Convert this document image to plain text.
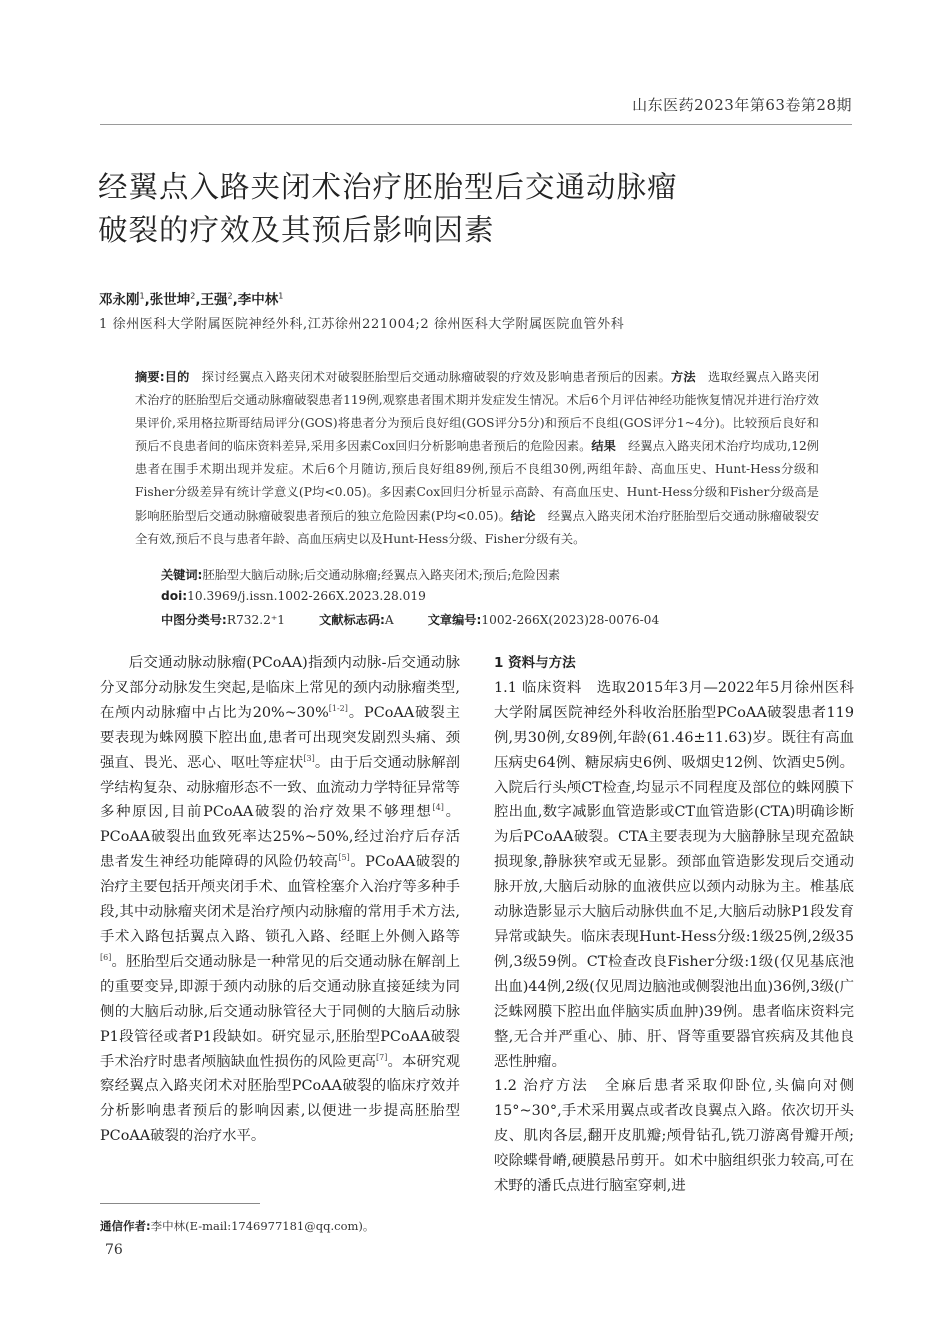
山东医药2023年第63卷第28期
经翼点入路夹闭术治疗胚胎型后交通动脉瘤
破裂的疗效及其预后影响因素
邓永刚$^1$,张世坤$^2$,王强$^2$,李中林$^1$
1 徐州医科大学附属医院神经外科,江苏徐州221004;2 徐州医科大学附属医院血管外科

摘要:目的  探讨经翼点入路夹闭术对破裂胚胎型后交通动脉瘤破裂的疗效及影响患者预后的因素。方法  选取经翼点入路夹闭术治疗的胚胎型后交通动脉瘤破裂患者119例,观察患者围术期并发症发生情况。术后6个月评估神经功能恢复情况并进行治疗效果评价,采用格拉斯哥结局评分(GOS)将患者分为预后良好组(GOS评分5分)和预后不良组(GOS评分1~4分)。比较预后良好和预后不良患者间的临床资料差异,采用多因素Cox回归分析影响患者预后的危险因素。结果  经翼点入路夹闭术治疗均成功,12例患者在围手术期出现并发症。术后6个月随访,预后良好组89例,预后不良组30例,两组年龄、高血压史、Hunt-Hess分级和Fisher分级差异有统计学意义(P均<0.05)。多因素Cox回归分析显示高龄、有高血压史、Hunt-Hess分级和Fisher分级高是影响胚胎型后交通动脉瘤破裂患者预后的独立危险因素(P均<0.05)。结论  经翼点入路夹闭术治疗胚胎型后交通动脉瘤破裂安全有效,预后不良与患者年龄、高血压病史以及Hunt-Hess分级、Fisher分级有关。

关键词:胚胎型大脑后动脉;后交通动脉瘤;经翼点入路夹闭术;预后;危险因素
doi:10.3969/j.issn.1002-266X.2023.28.019
中图分类号:R732.2⁺1	文献标志码:A	文章编号:1002-266X(2023)28-0076-04

后交通动脉动脉瘤(PCoAA)指颈内动脉-后交通动脉分叉部分动脉发生突起,是临床上常见的颈内动脉瘤类型,在颅内动脉瘤中占比为20%~30%[1-2]。PCoAA破裂主要表现为蛛网膜下腔出血,患者可出现突发剧烈头痛、颈强直、畏光、恶心、呕吐等症状[3]。由于后交通动脉解剖学结构复杂、动脉瘤形态不一致、血流动力学特征异常等多种原因,目前PCoAA破裂的治疗效果不够理想[4]。PCoAA破裂出血致死率达25%~50%,经过治疗后存活患者发生神经功能障碍的风险仍较高[5]。PCoAA破裂的治疗主要包括开颅夹闭手术、血管栓塞介入治疗等多种手段,其中动脉瘤夹闭术是治疗颅内动脉瘤的常用手术方法,手术入路包括翼点入路、锁孔入路、经眶上外侧入路等[6]。胚胎型后交通动脉是一种常见的后交通动脉在解剖上的重要变异,即源于颈内动脉的后交通动脉直接延续为同侧的大脑后动脉,后交通动脉管径大于同侧的大脑后动脉P1段管径或者P1段缺如。研究显示,胚胎型PCoAA破裂手术治疗时患者颅脑缺血性损伤的风险更高[7]。本研究观察经翼点入路夹闭术对胚胎型PCoAA破裂的临床疗效并分析影响患者预后的影响因素,以便进一步提高胚胎型PCoAA破裂的治疗水平。

1 资料与方法

1.1 临床资料  选取2015年3月—2022年5月徐州医科大学附属医院神经外科收治胚胎型PCoAA破裂患者119例,男30例,女89例,年龄(61.46±11.63)岁。既往有高血压病史64例、糖尿病史6例、吸烟史12例、饮酒史5例。入院后行头颅CT检查,均显示不同程度及部位的蛛网膜下腔出血,数字减影血管造影或CT血管造影(CTA)明确诊断为后PCoAA破裂。CTA主要表现为大脑静脉呈现充盈缺损现象,静脉狭窄或无显影。颈部血管造影发现后交通动脉开放,大脑后动脉的血液供应以颈内动脉为主。椎基底动脉造影显示大脑后动脉供血不足,大脑后动脉P1段发育异常或缺失。临床表现Hunt-Hess分级:1级25例,2级35例,3级59例。CT检查改良Fisher分级:1级(仅见基底池出血)44例,2级(仅见周边脑池或侧裂池出血)36例,3级(广泛蛛网膜下腔出血伴脑实质血肿)39例。患者临床资料完整,无合并严重心、肺、肝、肾等重要器官疾病及其他良恶性肿瘤。

1.2 治疗方法  全麻后患者采取仰卧位,头偏向对侧15°~30°,手术采用翼点或者改良翼点入路。依次切开头皮、肌肉各层,翻开皮肌瓣;颅骨钻孔,铣刀游离骨瓣开颅;咬除蝶骨嵴,硬膜悬吊剪开。如术中脑组织张力较高,可在术野的潘氏点进行脑室穿刺,进

通信作者:李中林(E-mail:1746977181@qq.com)。
76
